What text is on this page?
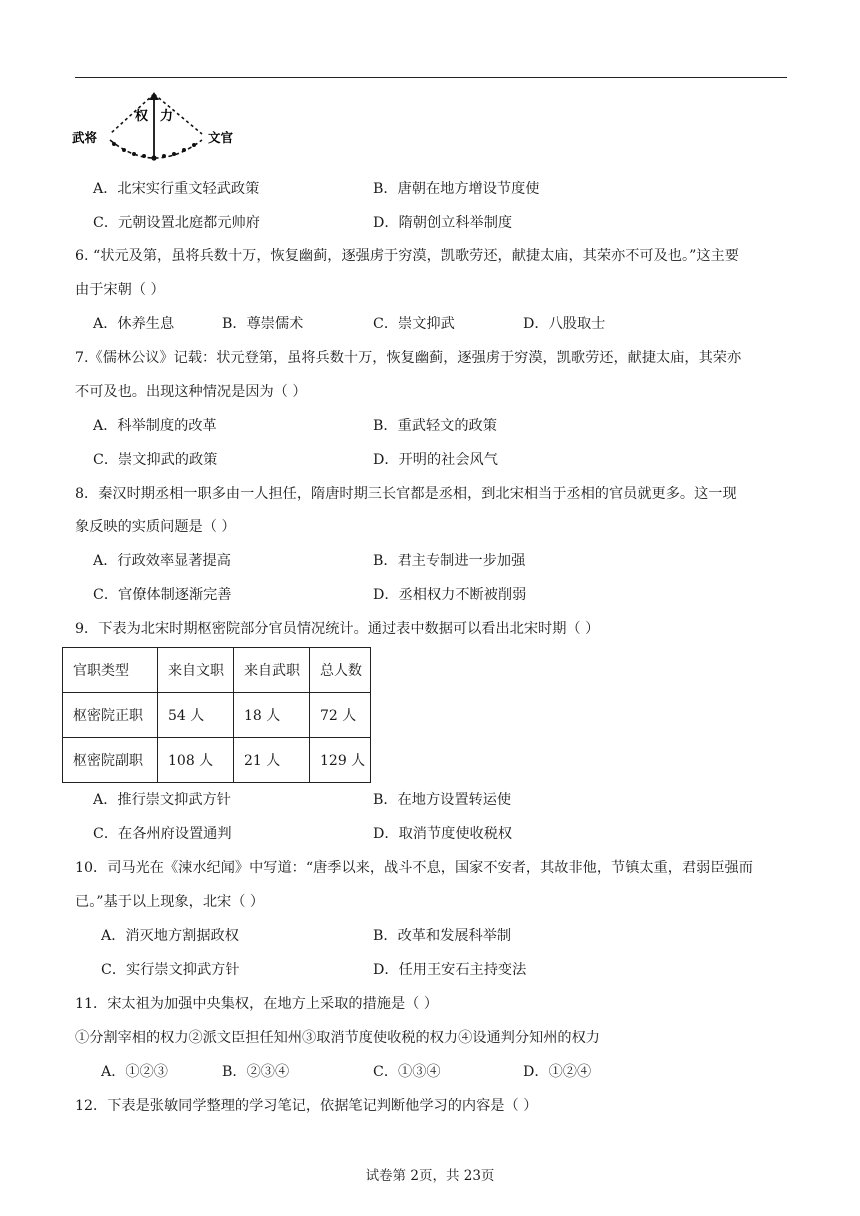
武将	文官
权 力
A．北宋实行重文轻武政策	B．唐朝在地方增设节度使
C．元朝设置北庭都元帅府	D．隋朝创立科举制度
6. “状元及第，虽将兵数十万，恢复幽蓟，逐强虏于穷漠，凯歌劳还，献捷太庙，其荣亦不可及也。”这主要
由于宋朝（ ）
A．休养生息	B．尊崇儒术	C．崇文抑武	D．八股取士
7.《儒林公议》记载：状元登第，虽将兵数十万，恢复幽蓟，逐强虏于穷漠，凯歌劳还，献捷太庙，其荣亦
不可及也。出现这种情况是因为（ ）
A．科举制度的改革	B．重武轻文的政策
C．崇文抑武的政策	D．开明的社会风气
8．秦汉时期丞相一职多由一人担任，隋唐时期三长官都是丞相，到北宋相当于丞相的官员就更多。这一现
象反映的实质问题是（ ）
A．行政效率显著提高	B．君主专制进一步加强
C．官僚体制逐渐完善	D．丞相权力不断被削弱
9．下表为北宋时期枢密院部分官员情况统计。通过表中数据可以看出北宋时期（ ）
官职类型	来自文职	来自武职	总人数
枢密院正职	54 人	18 人	72 人
枢密院副职	108 人	21 人	129 人
A．推行崇文抑武方针	B．在地方设置转运使
C．在各州府设置通判	D．取消节度使收税权
10．司马光在《涑水纪闻》中写道：“唐季以来，战斗不息，国家不安者，其故非他，节镇太重，君弱臣强而
已。”基于以上现象，北宋（ ）
A．消灭地方割据政权	B．改革和发展科举制
C．实行崇文抑武方针	D．任用王安石主持变法
11．宋太祖为加强中央集权，在地方上采取的措施是（ ）
①分割宰相的权力②派文臣担任知州③取消节度使收税的权力④设通判分知州的权力
A．①②③	B．②③④	C．①③④	D．①②④
12．下表是张敏同学整理的学习笔记，依据笔记判断他学习的内容是（ ）
试卷第 2页，共 23页
